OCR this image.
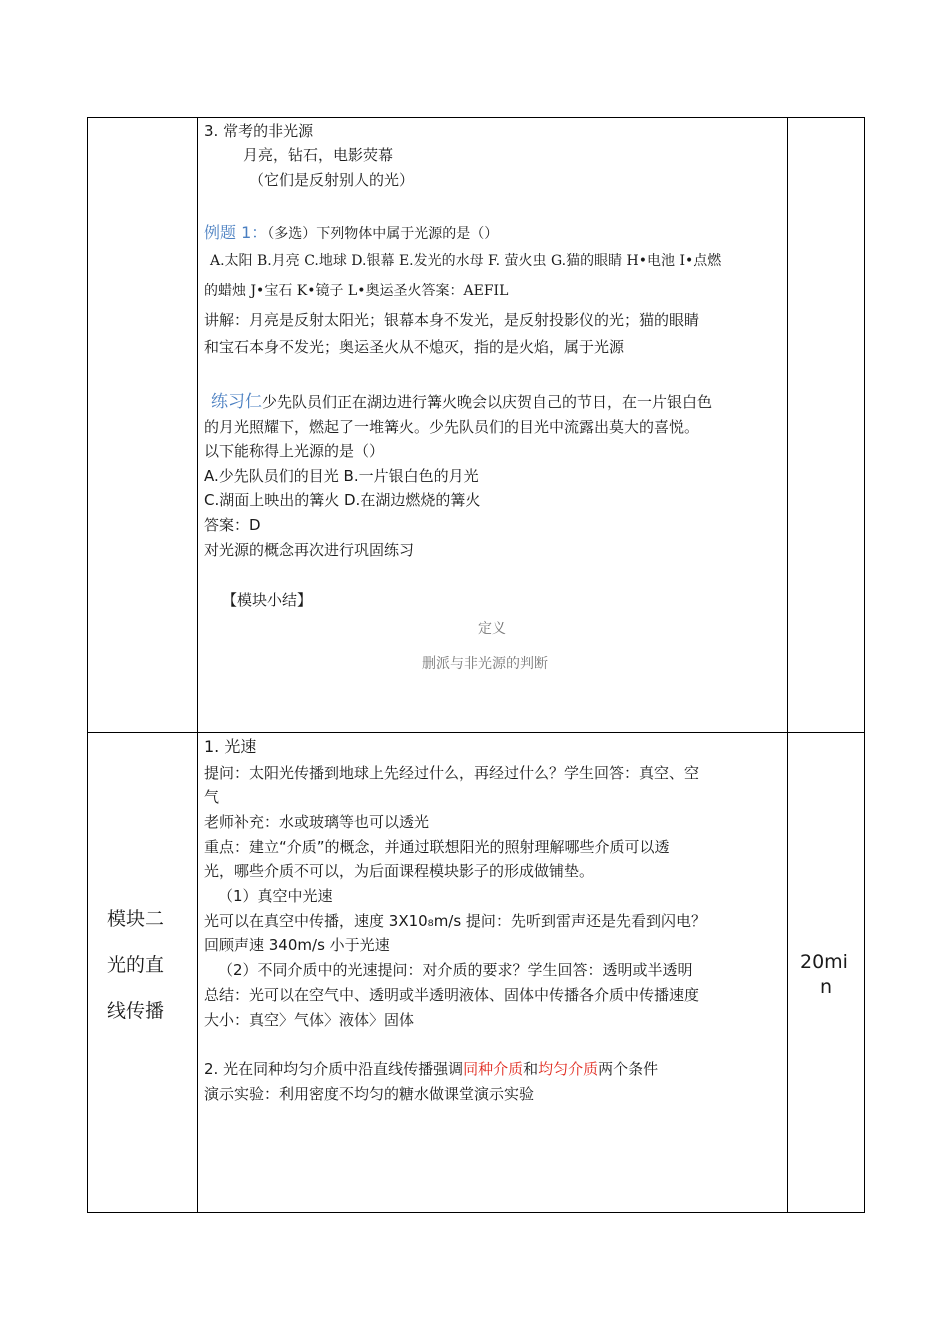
3. 常考的非光源
月亮，钻石，电影荧幕
（它们是反射别人的光）
例题 1：（多选）下列物体中属于光源的是（）
A.太阳 B.月亮 C.地球 D.银幕 E.发光的水母 F. 萤火虫 G.猫的眼睛 H•电池 I•点燃
的蜡烛 J•宝石 K•镜子 L•奥运圣火答案：AEFIL
讲解：月亮是反射太阳光；银幕本身不发光，是反射投影仪的光；猫的眼睛
和宝石本身不发光；奥运圣火从不熄灭，指的是火焰，属于光源
练习仁少先队员们正在湖边进行篝火晚会以庆贺自己的节日，在一片银白色
的月光照耀下，燃起了一堆篝火。少先队员们的目光中流露出莫大的喜悦。
以下能称得上光源的是（）
A.少先队员们的目光 B.一片银白色的月光
C.湖面上映出的篝火 D.在湖边燃烧的篝火
答案：D
对光源的概念再次进行巩固练习
【模块小结】
定义
删派与非光源的判断
模块二
光的直
线传播
1. 光速
提问：太阳光传播到地球上先经过什么，再经过什么？学生回答：真空、空
气
老师补充：水或玻璃等也可以透光
重点：建立“介质”的概念，并通过联想阳光的照射理解哪些介质可以透
光，哪些介质不可以，为后面课程模块影子的形成做铺垫。
（1）真空中光速
光可以在真空中传播，速度 3X10₈m/s 提问：先听到雷声还是先看到闪电？
回顾声速 340m/s 小于光速
（2）不同介质中的光速提问：对介质的要求？学生回答：透明或半透明
总结：光可以在空气中、透明或半透明液体、固体中传播各介质中传播速度
大小：真空〉气体〉液体〉固体
2. 光在同种均匀介质中沿直线传播强调同种介质和均匀介质两个条件
演示实验：利用密度不均匀的糖水做课堂演示实验
20mi
n
